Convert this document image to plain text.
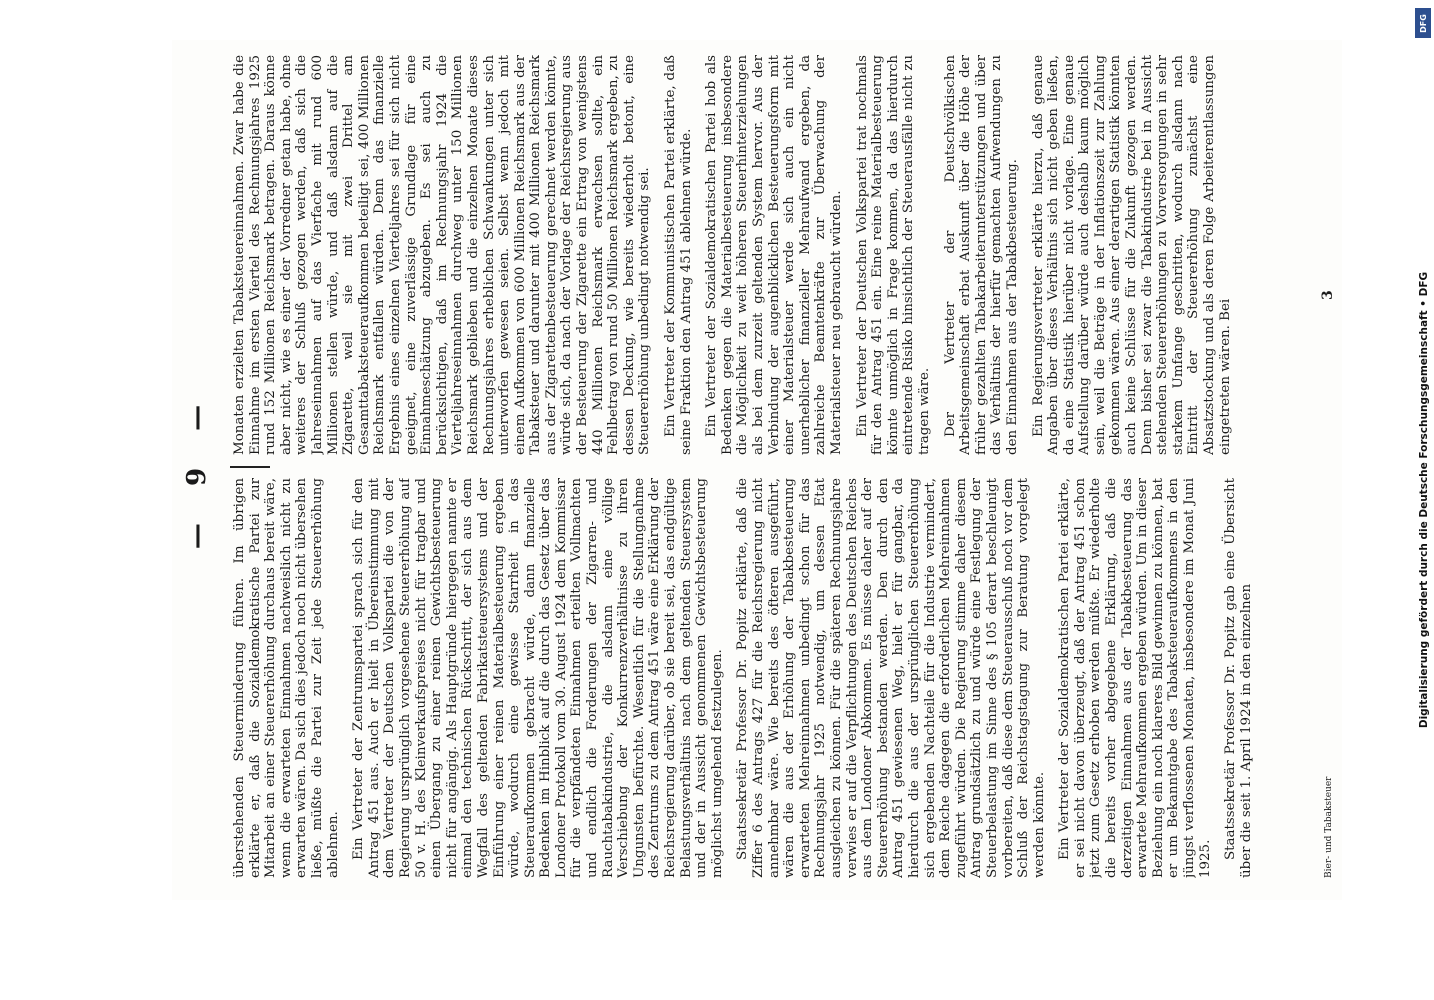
— 9 —

überstehenden Steuerminderung führen. Im übrigen erklärte er, daß die Sozialdemokratische Partei zur Mitarbeit an einer Steuererhöhung durchaus bereit wäre, wenn die erwarteten Einnahmen nachweislich nicht zu erwarten wären. Da sich dies jedoch noch nicht übersehen ließe, müßte die Partei zur Zeit jede Steuererhöhung ablehnen. Ein Vertreter der Zentrumspartei sprach sich für den Antrag 451 aus. Auch er hielt in Übereinstimmung mit dem Vertreter der Deutschen Volkspartei die von der Regierung ursprünglich vorgesehene Steuererhöhung auf 50 v. H. des Kleinverkaufspreises nicht für tragbar und einen Übergang zu einer reinen Gewichtsbesteuerung nicht für angängig. Als Hauptgründe hiergegen nannte er einmal den technischen Rückschritt, der sich aus dem Wegfall des geltenden Fabrikatsteuersystems und der Einführung einer reinen Materialbesteuerung ergeben würde, wodurch eine gewisse Starrheit in das Steueraufkommen gebracht würde, dann finanzielle Bedenken im Hinblick auf die durch das Gesetz über das Londoner Protokoll vom 30. August 1924 dem Kommissar für die verpfändeten Einnahmen erteilten Vollmachten und endlich die Forderungen der Zigarren- und Rauchtabakindustrie, die alsdann eine völlige Verschiebung der Konkurrenzverhältnisse zu ihren Ungunsten befürchte. Wesentlich für die Stellungnahme des Zentrums zu dem Antrag 451 wäre eine Erklärung der Reichsregierung darüber, ob sie bereit sei, das endgültige Belastungsverhältnis nach dem geltenden Steuersystem und der in Aussicht genommenen Gewichtsbesteuerung möglichst umgehend festzulegen. Staatssekretär Professor Dr. Popitz erklärte, daß die Ziffer 6 des Antrags 427 für die Reichsregierung nicht annehmbar wäre. Wie bereits des öfteren ausgeführt, wären die aus der Erhöhung der Tabakbesteuerung erwarteten Mehreinnahmen unbedingt schon für das Rechnungsjahr 1925 notwendig, um dessen Etat ausgleichen zu können. Für die späteren Rechnungsjahre verwies er auf die Verpflichtungen des Deutschen Reiches aus dem Londoner Abkommen. Es müsse daher auf der Steuererhöhung bestanden werden. Den durch den Antrag 451 gewiesenen Weg, hielt er für gangbar, da hierdurch die aus der ursprünglichen Steuererhöhung sich ergebenden Nachteile für die Industrie vermindert, dem Reiche dagegen die erforderlichen Mehreinnahmen zugeführt würden. Die Regierung stimme daher diesem Antrag grundsätzlich zu und würde eine Festlegung der Steuerbelastung im Sinne des § 105 derart beschleunigt vorbereiten, daß diese dem Steuerausschuß noch vor dem Schluß der Reichstagstagung zur Beratung vorgelegt werden könnte. Ein Vertreter der Sozialdemokratischen Partei erklärte, er sei nicht davon überzeugt, daß der Antrag 451 schon jetzt zum Gesetz erhoben werden müßte. Er wiederholte die bereits vorher abgegebene Erklärung, daß die derzeitigen Einnahmen aus der Tabakbesteuerung das erwartete Mehraufkommen ergeben würden. Um in dieser Beziehung ein noch klareres Bild gewinnen zu können, bat er um Bekanntgabe des Tabaksteueraufkommens in den jüngst verflossenen Monaten, insbesondere im Monat Juni 1925. Staatssekretär Professor Dr. Popitz gab eine Übersicht über die seit 1. April 1924 in den einzelnen

Monaten erzielten Tabaksteuereinnahmen. Zwar habe die Einnahme im ersten Viertel des Rechnungsjahres 1925 rund 152 Millionen Reichsmark betragen. Daraus könne aber nicht, wie es einer der Vorredner getan habe, ohne weiteres der Schluß gezogen werden, daß sich die Jahreseinnahmen auf das Vierfache mit rund 600 Millionen stellen würde, und daß alsdann auf die Zigarette, weil sie mit zwei Drittel am Gesamttabaksteueraufkommen beteiligt sei, 400 Millionen Reichsmark entfallen würden. Denn das finanzielle Ergebnis eines einzelnen Vierteljahres sei für sich nicht geeignet, eine zuverlässige Grundlage für eine Einnahmeschätzung abzugeben. Es sei auch zu berücksichtigen, daß im Rechnungsjahr 1924 die Vierteljahreseinnahmen durchweg unter 150 Millionen Reichsmark geblieben und die einzelnen Monate dieses Rechnungsjahres erheblichen Schwankungen unter sich unterworfen gewesen seien. Selbst wenn jedoch mit einem Aufkommen von 600 Millionen Reichsmark aus der Tabaksteuer und darunter mit 400 Millionen Reichsmark aus der Zigarettenbesteuerung gerechnet werden könnte, würde sich, da nach der Vorlage der Reichsregierung aus der Besteuerung der Zigarette ein Ertrag von wenigstens 440 Millionen Reichsmark erwachsen sollte, ein Fehlbetrag von rund 50 Millionen Reichsmark ergeben, zu dessen Deckung, wie bereits wiederholt betont, eine Steuererhöhung unbedingt notwendig sei. Ein Vertreter der Kommunistischen Partei erklärte, daß seine Fraktion den Antrag 451 ablehnen würde. Ein Vertreter der Sozialdemokratischen Partei hob als Bedenken gegen die Materialbesteuerung insbesondere die Möglichkeit zu weit höheren Steuerhinterziehungen als bei dem zurzeit geltenden System hervor. Aus der Verbindung der augenblicklichen Besteuerungsform mit einer Materialsteuer werde sich auch ein nicht unerheblicher finanzieller Mehraufwand ergeben, da zahlreiche Beamtenkräfte zur Überwachung der Materialsteuer neu gebraucht würden. Ein Vertreter der Deutschen Volkspartei trat nochmals für den Antrag 451 ein. Eine reine Materialbesteuerung könnte unmöglich in Frage kommen, da das hierdurch eintretende Risiko hinsichtlich der Steuerausfälle nicht zu tragen wäre. Der Vertreter der Deutschvölkischen Arbeitsgemeinschaft erbat Auskunft über die Höhe der früher gezahlten Tabakarbeiterunterstützungen und über das Verhältnis der hierfür gemachten Aufwendungen zu den Einnahmen aus der Tabakbesteuerung. Ein Regierungsvertreter erklärte hierzu, daß genaue Angaben über dieses Verhältnis sich nicht geben ließen, da eine Statistik hierüber nicht vorlage. Eine genaue Aufstellung darüber würde auch deshalb kaum möglich sein, weil die Beträge in der Inflationszeit zur Zahlung gekommen wären. Aus einer derartigen Statistik könnten auch keine Schlüsse für die Zukunft gezogen werden. Denn bisher sei zwar die Tabakindustrie bei in Aussicht stehenden Steuererhöhungen zu Vorversorgungen in sehr starkem Umfange geschritten, wodurch alsdann nach Eintritt der Steuererhöhung zunächst eine Absatzstockung und als deren Folge Arbeiterentlassungen eingetreten wären. Bei

Bier- und Tabaksteuer
3
DFG
Digitalisierung gefördert durch die Deutsche Forschungsgemeinschaft • DFG
